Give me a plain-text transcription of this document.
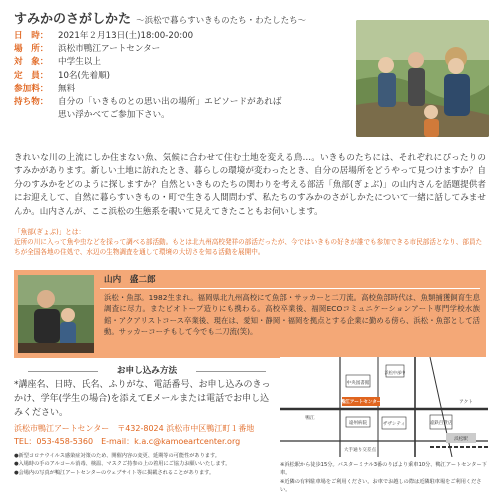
すみかのさがしかた 〜浜松で暮らすいきものたち・わたしたち〜
日　時：	2021年２月13日(土)18:00-20:00
場　所：	浜松市鴨江アートセンター
対　象：	中学生以上
定　員：	10名(先着順)
参加料：	無料
持ち物：	自分の「いきものとの思い出の場所」エピソードがあれば
思い浮かべてご参加下さい。

きれいな川の上流にしか住まない魚、気候に合わせて住む土地を変える鳥…。いきものたちには、それぞれにぴったりのすみかがあります。新しい土地に訪れたとき、暮らしの環境が変わったとき、自分の居場所をどうやって見つけますか？自分のすみかをどのように探しますか？自然といきものたちの関わりを考える部活「魚部(ぎょぶ)」の山内さんを話題提供者にお迎えして、自然に暮らすいきもの・町で生きる人間問わず、私たちのすみかのさがしかたについて一緒に話してみませんか。山内さんが、ここ浜松の生態系を覗いて見えてきたこともお伺いします。

「魚部(ぎょぶ)」とは：
近所の川に入って魚や虫などを採って調べる部活動。もとは北九州高校発祥の部活だったが、今ではいきもの好きが誰でも参加できる市民部活となり、部員たちが全国各地の住処で、水辺の生物調査を通して環境の大切さを知る活動を展開中。
山内　盛二郎
浜松・魚部。1982生まれ。福岡県北九州高校にて魚部・サッカーと二刀流。高校魚部時代は、魚類捕獲飼育生息調査に尽力。またビオトープ造りにも携わる。高校卒業後、福岡ECOコミュニケーションアート専門学校水族館・アクアリストコース卒業後、現在は、愛知・静岡・福岡を拠点とする企業に勤める傍ら、浜松・魚部として活動。サッカーコーチもして今でも二刀流(笑)。
お申し込み方法

*講座名、日時、氏名、ふりがな、電話番号、お申し込みのきっかけ、学年(学生の場合)を添えてEメールまたは電話でお申し込みください。

浜松市鴨江アートセンター　〒432-8024 浜松市中区鴨江町１番地
TEL：053-458-5360　E-mail：k.a.c@kamoeartcenter.org
●新型コロナウイルス感染症対策のため、開催内容の変更、延期等の可能性があります。
●入場時の手のアルコール消毒、検温、マスクご持参の上の着用にご協力お願いいたします。
●会場内の写真が鴨江アートセンターのウェブサイト等に掲載されることがあります。
中央図書館
浜松中部中
鴨江アートセンター
遠州病院	ザザシティ	遠鉄百貨店
アクト
大手通り交差点
鴨江
浜松駅
※浜松駅から徒歩15分。バスターミナル3番のりばより乗車10分、鴨江アートセンター下車。
※近隣の有料駐車場をご利用ください。お車でお越しの際は近隣駐車場をご利用ください。
